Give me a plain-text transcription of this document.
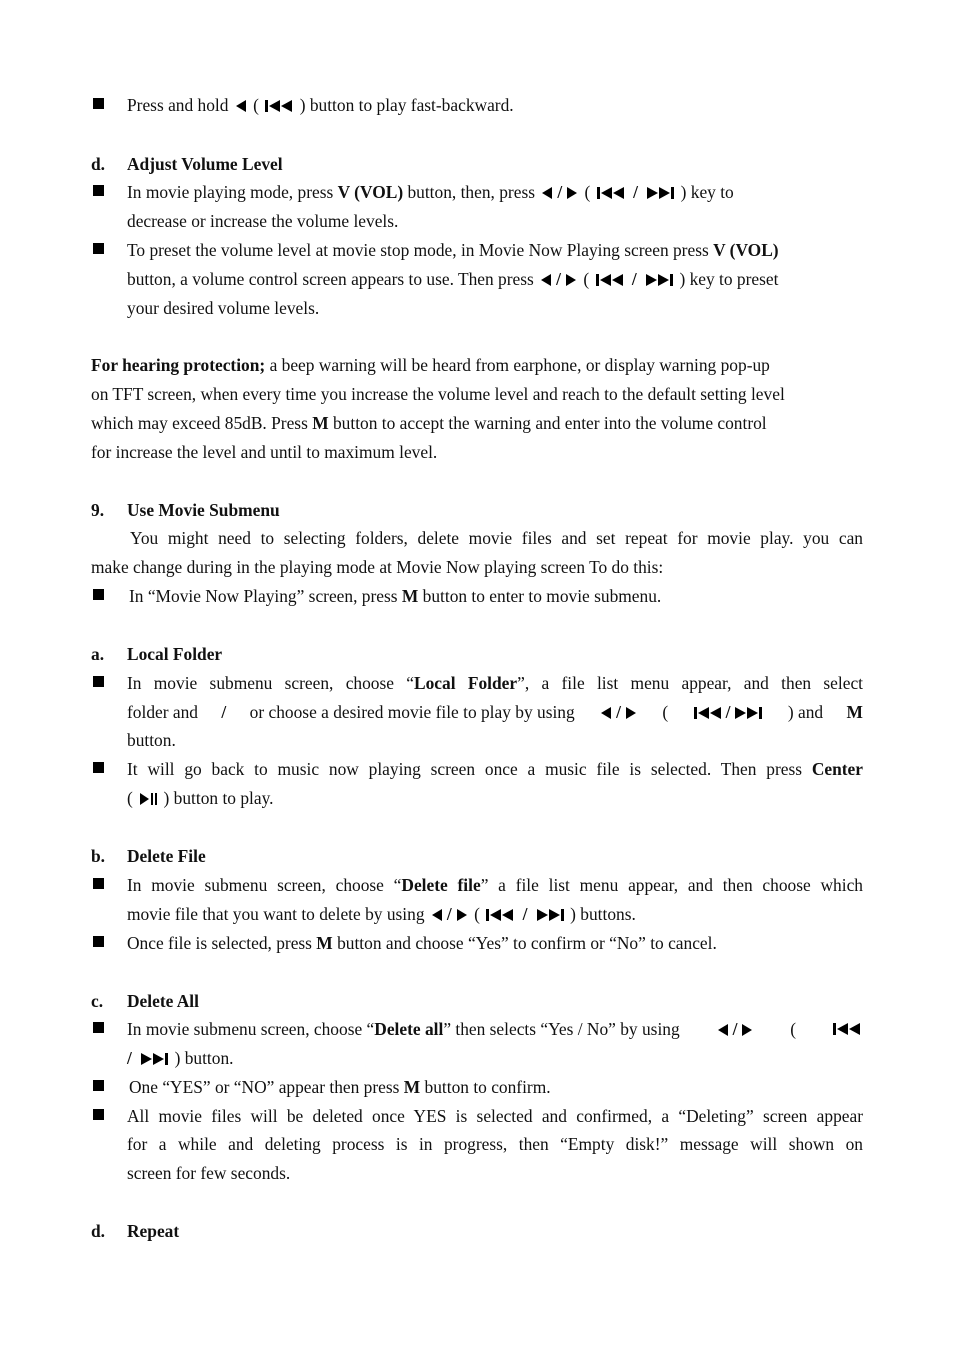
Press and hold ( ) button to play fast-backward.
d. Adjust Volume Level
In movie playing mode, press V (VOL) button, then, press / ( / ) key to
decrease or increase the volume levels.
To preset the volume level at movie stop mode, in Movie Now Playing screen press V (VOL)
button, a volume control screen appears to use. Then press / ( / ) key to preset
your desired volume levels.
For hearing protection; a beep warning will be heard from earphone, or display warning pop-up
on TFT screen, when every time you increase the volume level and reach to the default setting level
which may exceed 85dB. Press M button to accept the warning and enter into the volume control
for increase the level and until to maximum level.
9. Use Movie Submenu
You might need to selecting folders, delete movie files and set repeat for movie play. you can
make change during in the playing mode at Movie Now playing screen To do this:
In “Movie Now Playing” screen, press M button to enter to movie submenu.
a. Local Folder
In movie submenu screen, choose “Local Folder”, a file list menu appear, and then select
folder and / or choose a desired movie file to play by using	/	(	/	) and M
button.
It will go back to music now playing screen once a music file is selected. Then press Center
( ) button to play.
b. Delete File
In movie submenu screen, choose “Delete file” a file list menu appear, and then choose which
movie file that you want to delete by using / ( / ) buttons.
Once file is selected, press M button and choose “Yes” to confirm or “No” to cancel.
c. Delete All
In movie submenu screen, choose “Delete all” then selects “Yes / No” by using	/	(
/ ) button.
One “YES” or “NO” appear then press M button to confirm.
All movie files will be deleted once YES is selected and confirmed, a “Deleting” screen appear
for a while and deleting process is in progress, then “Empty disk!” message will shown on
screen for few seconds.
d. Repeat
